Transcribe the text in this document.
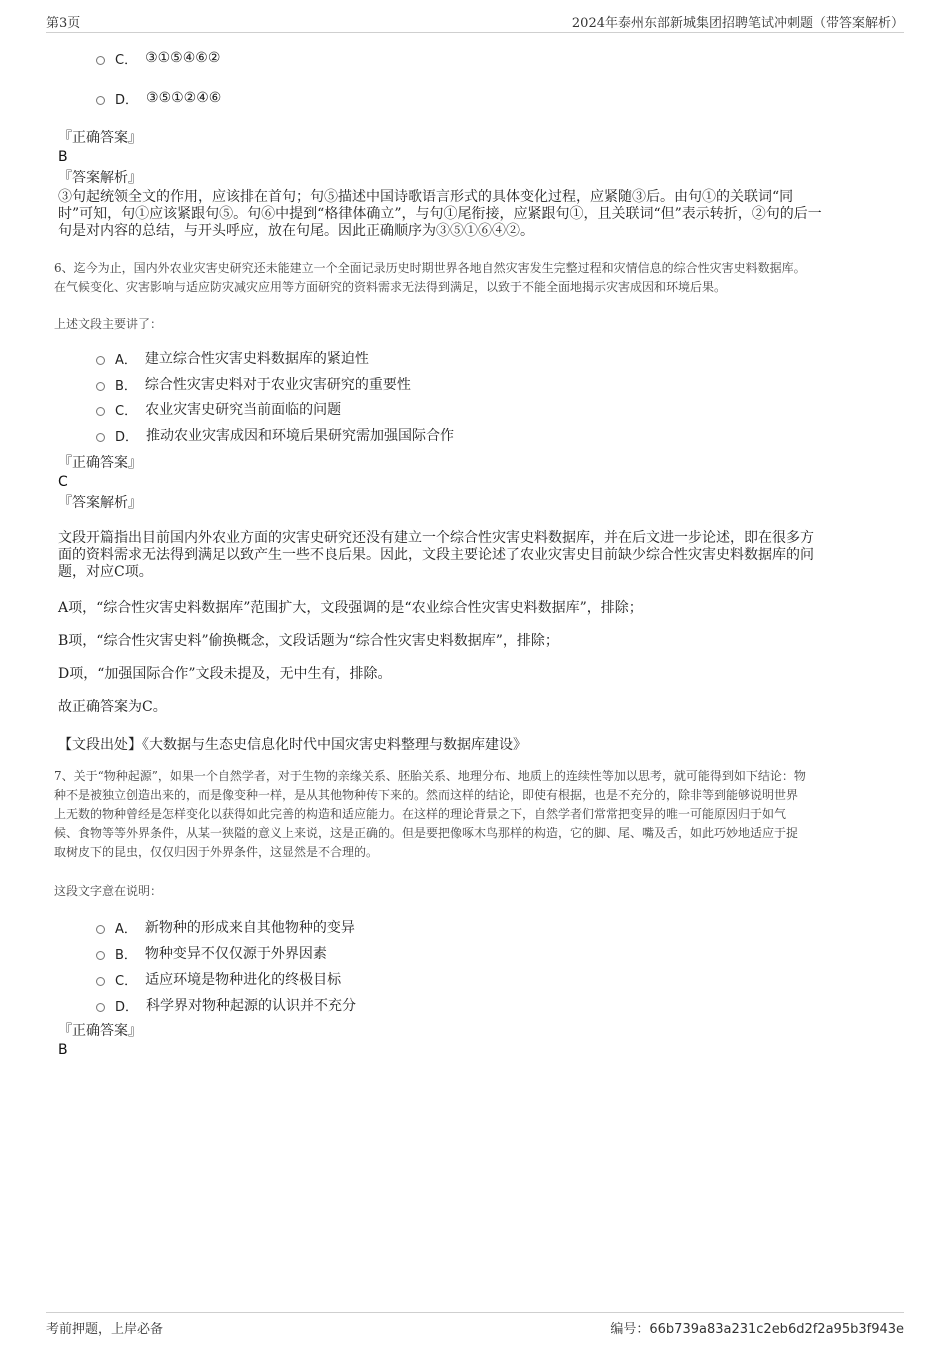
第3页	2024年泰州东部新城集团招聘笔试冲刺题（带答案解析）
C． ③①⑤④⑥②
D． ③⑤①②④⑥
『正确答案』
B
『答案解析』
③句起统领全文的作用，应该排在首句；句⑤描述中国诗歌语言形式的具体变化过程，应紧随③后。由句①的关联词“同
时”可知，句①应该紧跟句⑤。句⑥中提到“格律体确立”，与句①尾衔接，应紧跟句①，且关联词“但”表示转折，②句的后一
句是对内容的总结，与开头呼应，放在句尾。因此正确顺序为③⑤①⑥④②。
6、迄今为止，国内外农业灾害史研究还未能建立一个全面记录历史时期世界各地自然灾害发生完整过程和灾情信息的综合性灾害史料数据库。
在气候变化、灾害影响与适应防灾减灾应用等方面研究的资料需求无法得到满足，以致于不能全面地揭示灾害成因和环境后果。
上述文段主要讲了：
A． 建立综合性灾害史料数据库的紧迫性
B． 综合性灾害史料对于农业灾害研究的重要性
C． 农业灾害史研究当前面临的问题
D． 推动农业灾害成因和环境后果研究需加强国际合作
『正确答案』
C
『答案解析』
文段开篇指出目前国内外农业方面的灾害史研究还没有建立一个综合性灾害史料数据库，并在后文进一步论述，即在很多方
面的资料需求无法得到满足以致产生一些不良后果。因此，文段主要论述了农业灾害史目前缺少综合性灾害史料数据库的问
题，对应C项。
A项，“综合性灾害史料数据库”范围扩大，文段强调的是“农业综合性灾害史料数据库”，排除；
B项，“综合性灾害史料”偷换概念，文段话题为“综合性灾害史料数据库”，排除；
D项，“加强国际合作”文段未提及，无中生有，排除。
故正确答案为C。
【文段出处】《大数据与生态史信息化时代中国灾害史料整理与数据库建设》
7、关于“物种起源”，如果一个自然学者，对于生物的亲缘关系、胚胎关系、地理分布、地质上的连续性等加以思考，就可能得到如下结论：物
种不是被独立创造出来的，而是像变种一样，是从其他物种传下来的。然而这样的结论，即使有根据，也是不充分的，除非等到能够说明世界
上无数的物种曾经是怎样变化以获得如此完善的构造和适应能力。在这样的理论背景之下，自然学者们常常把变异的唯一可能原因归于如气
候、食物等等外界条件，从某一狭隘的意义上来说，这是正确的。但是要把像啄木鸟那样的构造，它的脚、尾、嘴及舌，如此巧妙地适应于捉
取树皮下的昆虫，仅仅归因于外界条件，这显然是不合理的。
这段文字意在说明：
A． 新物种的形成来自其他物种的变异
B． 物种变异不仅仅源于外界因素
C． 适应环境是物种进化的终极目标
D． 科学界对物种起源的认识并不充分
『正确答案』
B
考前押题，上岸必备	编号：66b739a83a231c2eb6d2f2a95b3f943e
